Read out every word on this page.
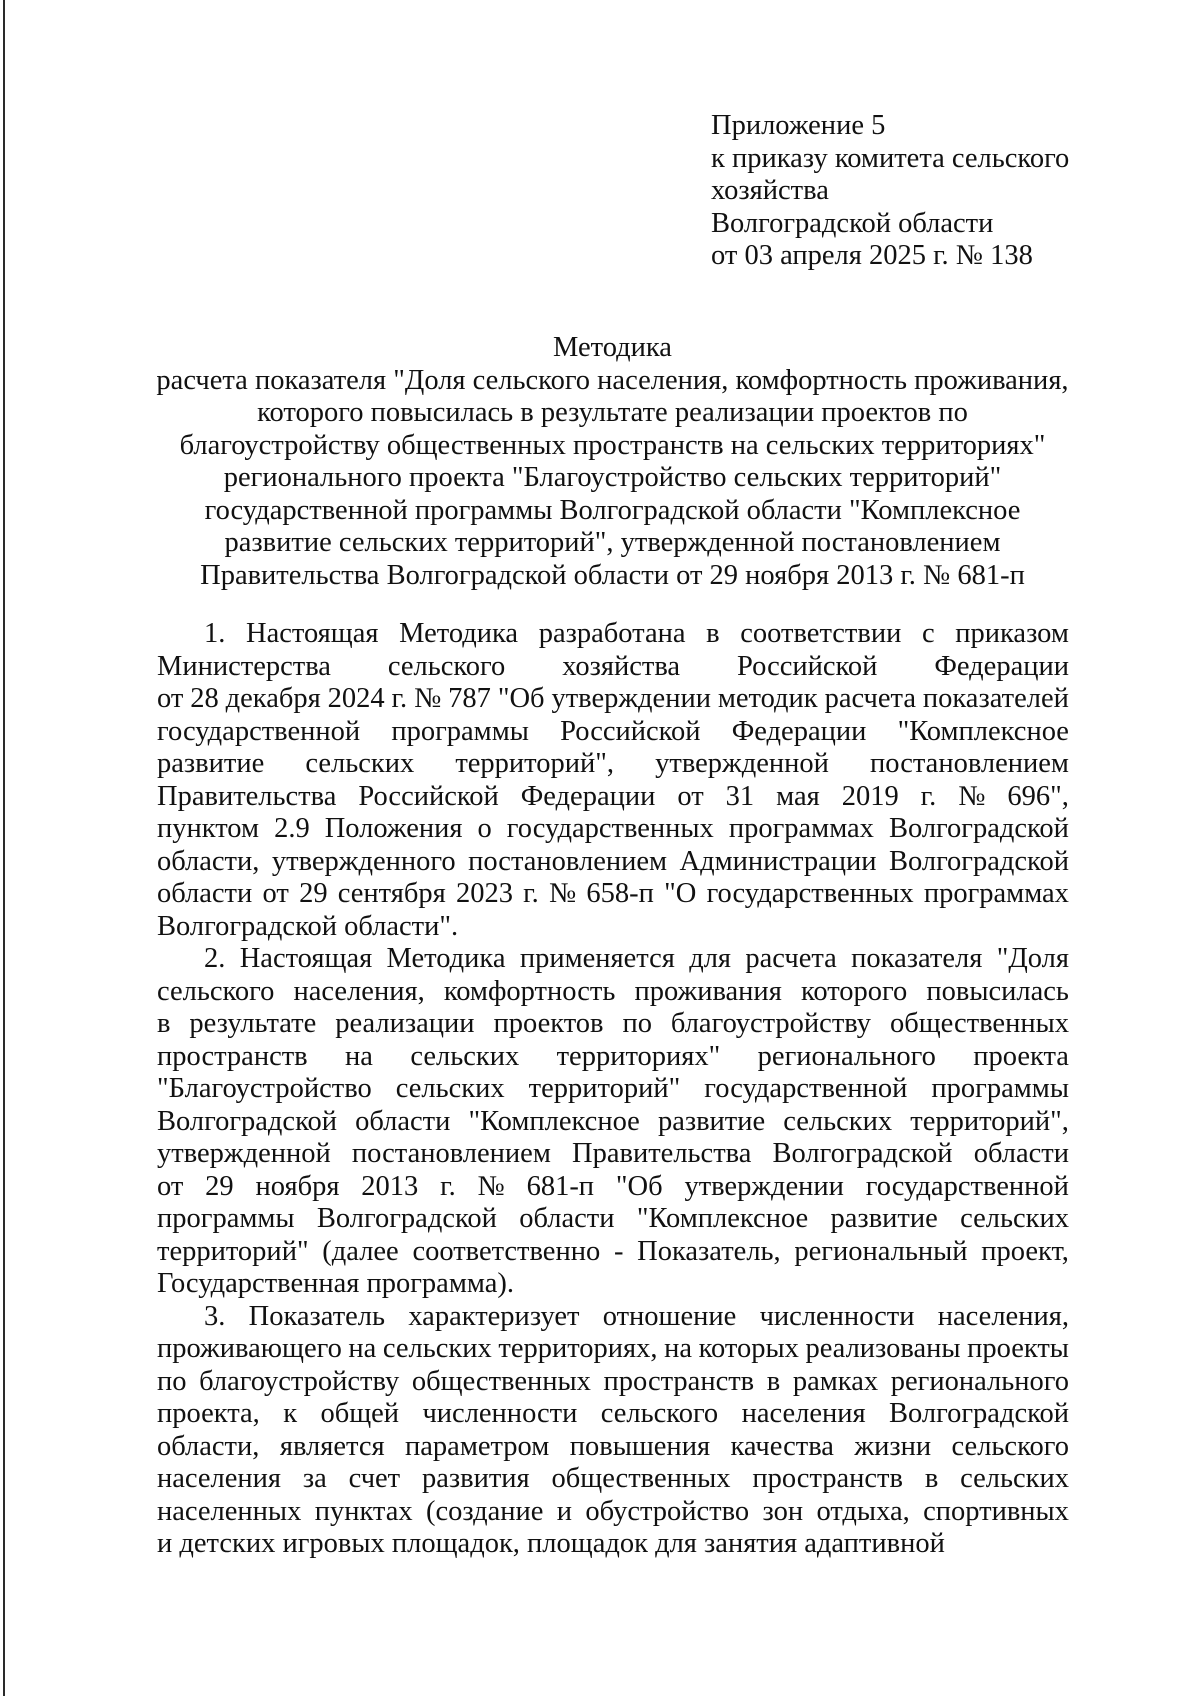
Приложение 5
к приказу комитета сельского
хозяйства
Волгоградской области
от 03 апреля 2025 г. № 138
Методика
расчета показателя "Доля сельского населения, комфортность проживания,
которого повысилась в результате реализации проектов по
благоустройству общественных пространств на сельских территориях"
регионального проекта "Благоустройство сельских территорий"
государственной программы Волгоградской области "Комплексное
развитие сельских территорий", утвержденной постановлением
Правительства Волгоградской области от 29 ноября 2013 г. № 681-п
1. Настоящая Методика разработана в соответствии с приказом
Министерства сельского хозяйства Российской Федерации
от 28 декабря 2024 г. № 787 "Об утверждении методик расчета показателей
государственной программы Российской Федерации "Комплексное
развитие сельских территорий", утвержденной постановлением
Правительства Российской Федерации от 31 мая 2019 г. № 696",
пунктом 2.9 Положения о государственных программах Волгоградской
области, утвержденного постановлением Администрации Волгоградской
области от 29 сентября 2023 г. № 658-п "О государственных программах
Волгоградской области".
2. Настоящая Методика применяется для расчета показателя "Доля
сельского населения, комфортность проживания которого повысилась
в результате реализации проектов по благоустройству общественных
пространств на сельских территориях" регионального проекта
"Благоустройство сельских территорий" государственной программы
Волгоградской области "Комплексное развитие сельских территорий",
утвержденной постановлением Правительства Волгоградской области
от 29 ноября 2013 г. № 681-п "Об утверждении государственной
программы Волгоградской области "Комплексное развитие сельских
территорий" (далее соответственно - Показатель, региональный проект,
Государственная программа).
3. Показатель характеризует отношение численности населения,
проживающего на сельских территориях, на которых реализованы проекты
по благоустройству общественных пространств в рамках регионального
проекта, к общей численности сельского населения Волгоградской
области, является параметром повышения качества жизни сельского
населения за счет развития общественных пространств в сельских
населенных пунктах (создание и обустройство зон отдыха, спортивных
и детских игровых площадок, площадок для занятия адаптивной
